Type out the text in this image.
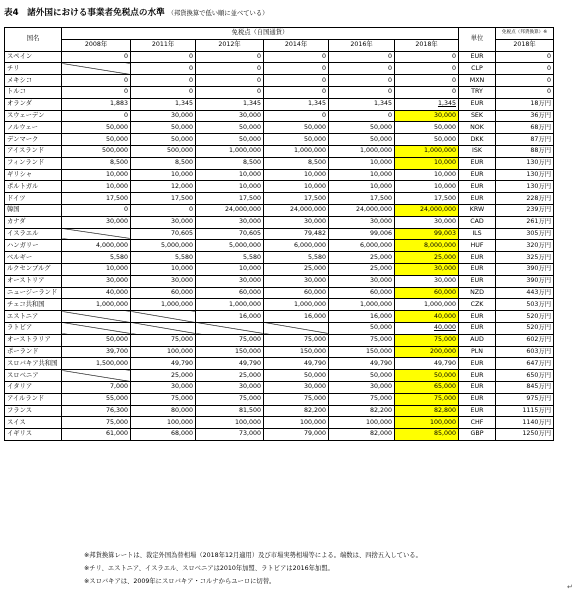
表4　諸外国における事業者免税点の水準 （邦貨換算で低い順に並べている）
国名	免税点（自国通貨）						単位	免税点（邦貨換算）※
	2008年	2011年	2012年	2014年	2016年	2018年		2018年
スペイン	0	0	0	0	0	0	EUR	0
チリ		0	0	0	0	0	CLP	0
メキシコ	0	0	0	0	0	0	MXN	0
トルコ	0	0	0	0	0	0	TRY	0
オランダ	1,883	1,345	1,345	1,345	1,345	1,345	EUR	18万円
スウェーデン	0	30,000	30,000	0	0	30,000	SEK	36万円
ノルウェー	50,000	50,000	50,000	50,000	50,000	50,000	NOK	68万円
デンマーク	50,000	50,000	50,000	50,000	50,000	50,000	DKK	87万円
アイスランド	500,000	500,000	1,000,000	1,000,000	1,000,000	1,000,000	ISK	88万円
フィンランド	8,500	8,500	8,500	8,500	10,000	10,000	EUR	130万円
ギリシャ	10,000	10,000	10,000	10,000	10,000	10,000	EUR	130万円
ポルトガル	10,000	12,000	10,000	10,000	10,000	10,000	EUR	130万円
ドイツ	17,500	17,500	17,500	17,500	17,500	17,500	EUR	228万円
韓国	0	0	24,000,000	24,000,000	24,000,000	24,000,000	KRW	239万円
カナダ	30,000	30,000	30,000	30,000	30,000	30,000	CAD	261万円
イスラエル		70,605	70,605	79,482	99,006	99,003	ILS	305万円
ハンガリー	4,000,000	5,000,000	5,000,000	6,000,000	6,000,000	8,000,000	HUF	320万円
ベルギー	5,580	5,580	5,580	5,580	25,000	25,000	EUR	325万円
ルクセンブルグ	10,000	10,000	10,000	25,000	25,000	30,000	EUR	390万円
オーストリア	30,000	30,000	30,000	30,000	30,000	30,000	EUR	390万円
ニュージーランド	40,000	60,000	60,000	60,000	60,000	60,000	NZD	443万円
チェコ共和国	1,000,000	1,000,000	1,000,000	1,000,000	1,000,000	1,000,000	CZK	503万円
エストニア			16,000	16,000	16,000	40,000	EUR	520万円
ラトビア					50,000	40,000	EUR	520万円
オーストラリア	50,000	75,000	75,000	75,000	75,000	75,000	AUD	602万円
ポーランド	39,700	100,000	150,000	150,000	150,000	200,000	PLN	603万円
スロバキア共和国	1,500,000	49,790	49,790	49,790	49,790	49,790	EUR	647万円
スロベニア		25,000	25,000	50,000	50,000	50,000	EUR	650万円
イタリア	7,000	30,000	30,000	30,000	30,000	65,000	EUR	845万円
アイルランド	55,000	75,000	75,000	75,000	75,000	75,000	EUR	975万円
フランス	76,300	80,000	81,500	82,200	82,200	82,800	EUR	1115万円
スイス	75,000	100,000	100,000	100,000	100,000	100,000	CHF	1140万円
イギリス	61,000	68,000	73,000	79,000	82,000	85,000	GBP	1250万円
※邦貨換算レートは、裁定外国為替相場（2018年12月適用）及び市場実勢相場等による。端数は、四捨五入している。
※チリ、エストニア、イスラエル、スロベニアは2010年加盟、ラトビアは2016年加盟。
※スロバキアは、2009年にスロバキア・コルナからユーロに切替。
↵
